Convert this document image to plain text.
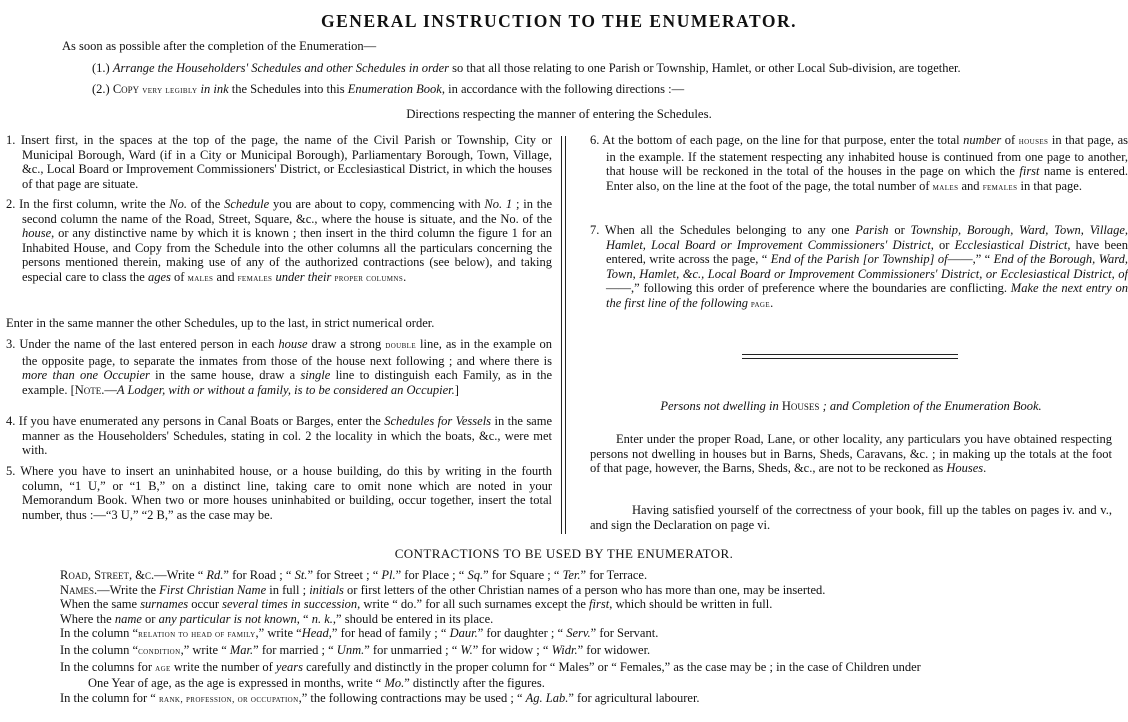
GENERAL INSTRUCTION TO THE ENUMERATOR.
As soon as possible after the completion of the Enumeration—
(1.) Arrange the Householders' Schedules and other Schedules in order so that all those relating to one Parish or Township, Hamlet, or other Local Sub-division, are together.
(2.) Copy very legibly in ink the Schedules into this Enumeration Book, in accordance with the following directions :—
Directions respecting the manner of entering the Schedules.

1. Insert first, in the spaces at the top of the page, the name of the Civil Parish or Township, City or Municipal Borough, Ward (if in a City or Municipal Borough), Parliamentary Borough, Town, Village, &c., Local Board or Improvement Commissioners' District, or Ecclesiastical District, in which the houses of that page are situate.

2. In the first column, write the No. of the Schedule you are about to copy, commencing with No. 1 ; in the second column the name of the Road, Street, Square, &c., where the house is situate, and the No. of the house, or any distinctive name by which it is known ; then insert in the third column the figure 1 for an Inhabited House, and Copy from the Schedule into the other columns all the particulars concerning the persons mentioned therein, making use of any of the authorized contractions (see below), and taking especial care to class the ages of males and females under their proper columns.

Enter in the same manner the other Schedules, up to the last, in strict numerical order.

3. Under the name of the last entered person in each house draw a strong double line, as in the example on the opposite page, to separate the inmates from those of the house next following ; and where there is more than one Occupier in the same house, draw a single line to distinguish each Family, as in the example. [Note.—A Lodger, with or without a family, is to be considered an Occupier.]

4. If you have enumerated any persons in Canal Boats or Barges, enter the Schedules for Vessels in the same manner as the Householders' Schedules, stating in col. 2 the locality in which the boats, &c., were met with.

5. Where you have to insert an uninhabited house, or a house building, do this by writing in the fourth column, “1 U,” or “1 B,” on a distinct line, taking care to omit none which are noted in your Memorandum Book. When two or more houses uninhabited or building, occur together, insert the total number, thus :—“3 U,” “2 B,” as the case may be.

6. At the bottom of each page, on the line for that purpose, enter the total number of houses in that page, as in the example. If the statement respecting any inhabited house is continued from one page to another, that house will be reckoned in the total of the houses in the page on which the first name is entered. Enter also, on the line at the foot of the page, the total number of males and females in that page.

7. When all the Schedules belonging to any one Parish or Township, Borough, Ward, Town, Village, Hamlet, Local Board or Improvement Commissioners' District, or Ecclesiastical District, have been entered, write across the page, “ End of the Parish [or Township] of——,” “ End of the Borough, Ward, Town, Hamlet, &c., Local Board or Improvement Commissioners' District, or Ecclesiastical District, of——,” following this order of preference where the boundaries are conflicting. Make the next entry on the first line of the following page.

Persons not dwelling in Houses ; and Completion of the Enumeration Book.

Enter under the proper Road, Lane, or other locality, any particulars you have obtained respecting persons not dwelling in houses but in Barns, Sheds, Caravans, &c. ; in making up the totals at the foot of that page, however, the Barns, Sheds, &c., are not to be reckoned as Houses.

Having satisfied yourself of the correctness of your book, fill up the tables on pages iv. and v., and sign the Declaration on page vi.

CONTRACTIONS TO BE USED BY THE ENUMERATOR.
Road, Street, &c.—Write “ Rd.” for Road ; “ St.” for Street ; “ Pl.” for Place ; “ Sq.” for Square ; “ Ter.” for Terrace.
Names.—Write the First Christian Name in full ; initials or first letters of the other Christian names of a person who has more than one, may be inserted.
When the same surnames occur several times in succession, write “ do.” for all such surnames except the first, which should be written in full.
Where the name or any particular is not known, “ n. k.,” should be entered in its place.
In the column “relation to head of family,” write “Head,” for head of family ; “ Daur.” for daughter ; “ Serv.” for Servant.
In the column “condition,” write “ Mar.” for married ; “ Unm.” for unmarried ; “ W.” for widow ; “ Widr.” for widower.
In the columns for age write the number of years carefully and distinctly in the proper column for “ Males” or “ Females,” as the case may be ; in the case of Children under
One Year of age, as the age is expressed in months, write “ Mo.” distinctly after the figures.
In the column for “ rank, profession, or occupation,” the following contractions may be used ; “ Ag. Lab.” for agricultural labourer.
